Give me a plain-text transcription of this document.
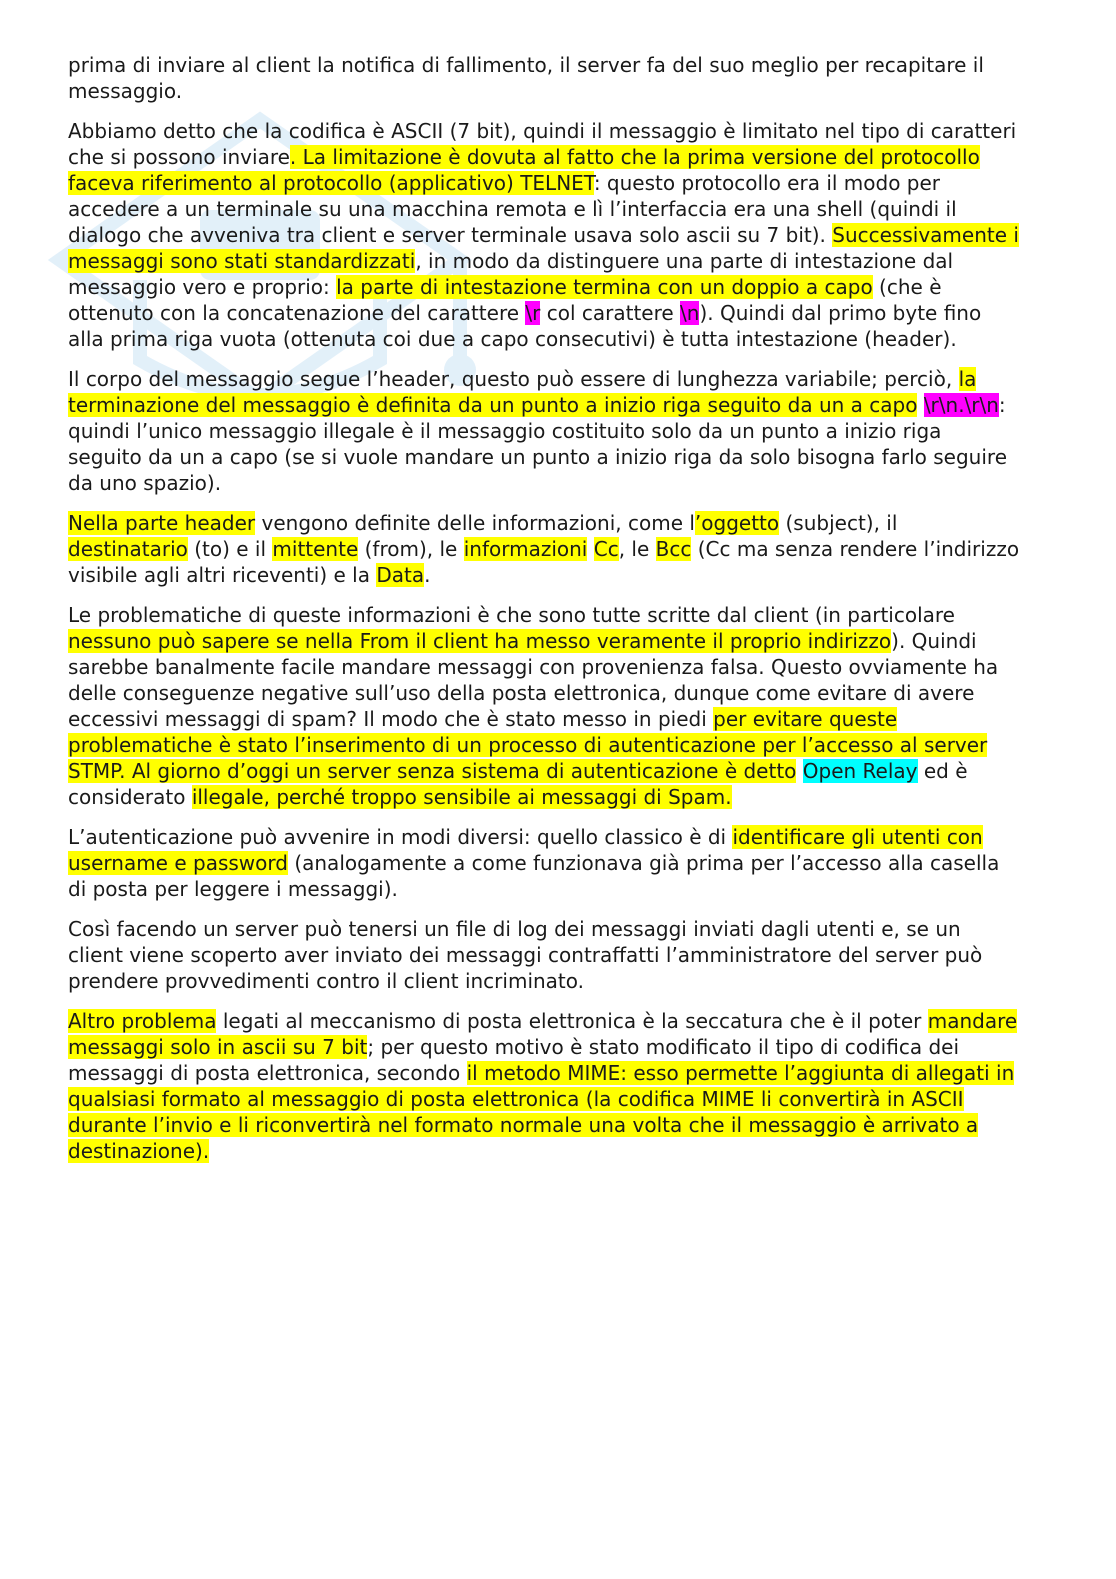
prima di inviare al client la notifica di fallimento, il server fa del suo meglio per recapitare il
messaggio.

Abbiamo detto che la codifica è ASCII (7 bit), quindi il messaggio è limitato nel tipo di caratteri
che si possono inviare. La limitazione è dovuta al fatto che la prima versione del protocollo
faceva riferimento al protocollo (applicativo) TELNET: questo protocollo era il modo per
accedere a un terminale su una macchina remota e lì l’interfaccia era una shell (quindi il
dialogo che avveniva tra client e server terminale usava solo ascii su 7 bit). Successivamente i
messaggi sono stati standardizzati, in modo da distinguere una parte di intestazione dal
messaggio vero e proprio: la parte di intestazione termina con un doppio a capo (che è
ottenuto con la concatenazione del carattere \r col carattere \n). Quindi dal primo byte fino
alla prima riga vuota (ottenuta coi due a capo consecutivi) è tutta intestazione (header).

Il corpo del messaggio segue l’header, questo può essere di lunghezza variabile; perciò, la
terminazione del messaggio è definita da un punto a inizio riga seguito da un a capo \r\n.\r\n:
quindi l’unico messaggio illegale è il messaggio costituito solo da un punto a inizio riga
seguito da un a capo (se si vuole mandare un punto a inizio riga da solo bisogna farlo seguire
da uno spazio).

Nella parte header vengono definite delle informazioni, come l’oggetto (subject), il
destinatario (to) e il mittente (from), le informazioni Cc, le Bcc (Cc ma senza rendere l’indirizzo
visibile agli altri riceventi) e la Data.

Le problematiche di queste informazioni è che sono tutte scritte dal client (in particolare
nessuno può sapere se nella From il client ha messo veramente il proprio indirizzo). Quindi
sarebbe banalmente facile mandare messaggi con provenienza falsa. Questo ovviamente ha
delle conseguenze negative sull’uso della posta elettronica, dunque come evitare di avere
eccessivi messaggi di spam? Il modo che è stato messo in piedi per evitare queste
problematiche è stato l’inserimento di un processo di autenticazione per l’accesso al server
STMP. Al giorno d’oggi un server senza sistema di autenticazione è detto Open Relay ed è
considerato illegale, perché troppo sensibile ai messaggi di Spam.

L’autenticazione può avvenire in modi diversi: quello classico è di identificare gli utenti con
username e password (analogamente a come funzionava già prima per l’accesso alla casella
di posta per leggere i messaggi).

Così facendo un server può tenersi un file di log dei messaggi inviati dagli utenti e, se un
client viene scoperto aver inviato dei messaggi contraffatti l’amministratore del server può
prendere provvedimenti contro il client incriminato.

Altro problema legati al meccanismo di posta elettronica è la seccatura che è il poter mandare
messaggi solo in ascii su 7 bit; per questo motivo è stato modificato il tipo di codifica dei
messaggi di posta elettronica, secondo il metodo MIME: esso permette l’aggiunta di allegati in
qualsiasi formato al messaggio di posta elettronica (la codifica MIME li convertirà in ASCII
durante l’invio e li riconvertirà nel formato normale una volta che il messaggio è arrivato a
destinazione).
